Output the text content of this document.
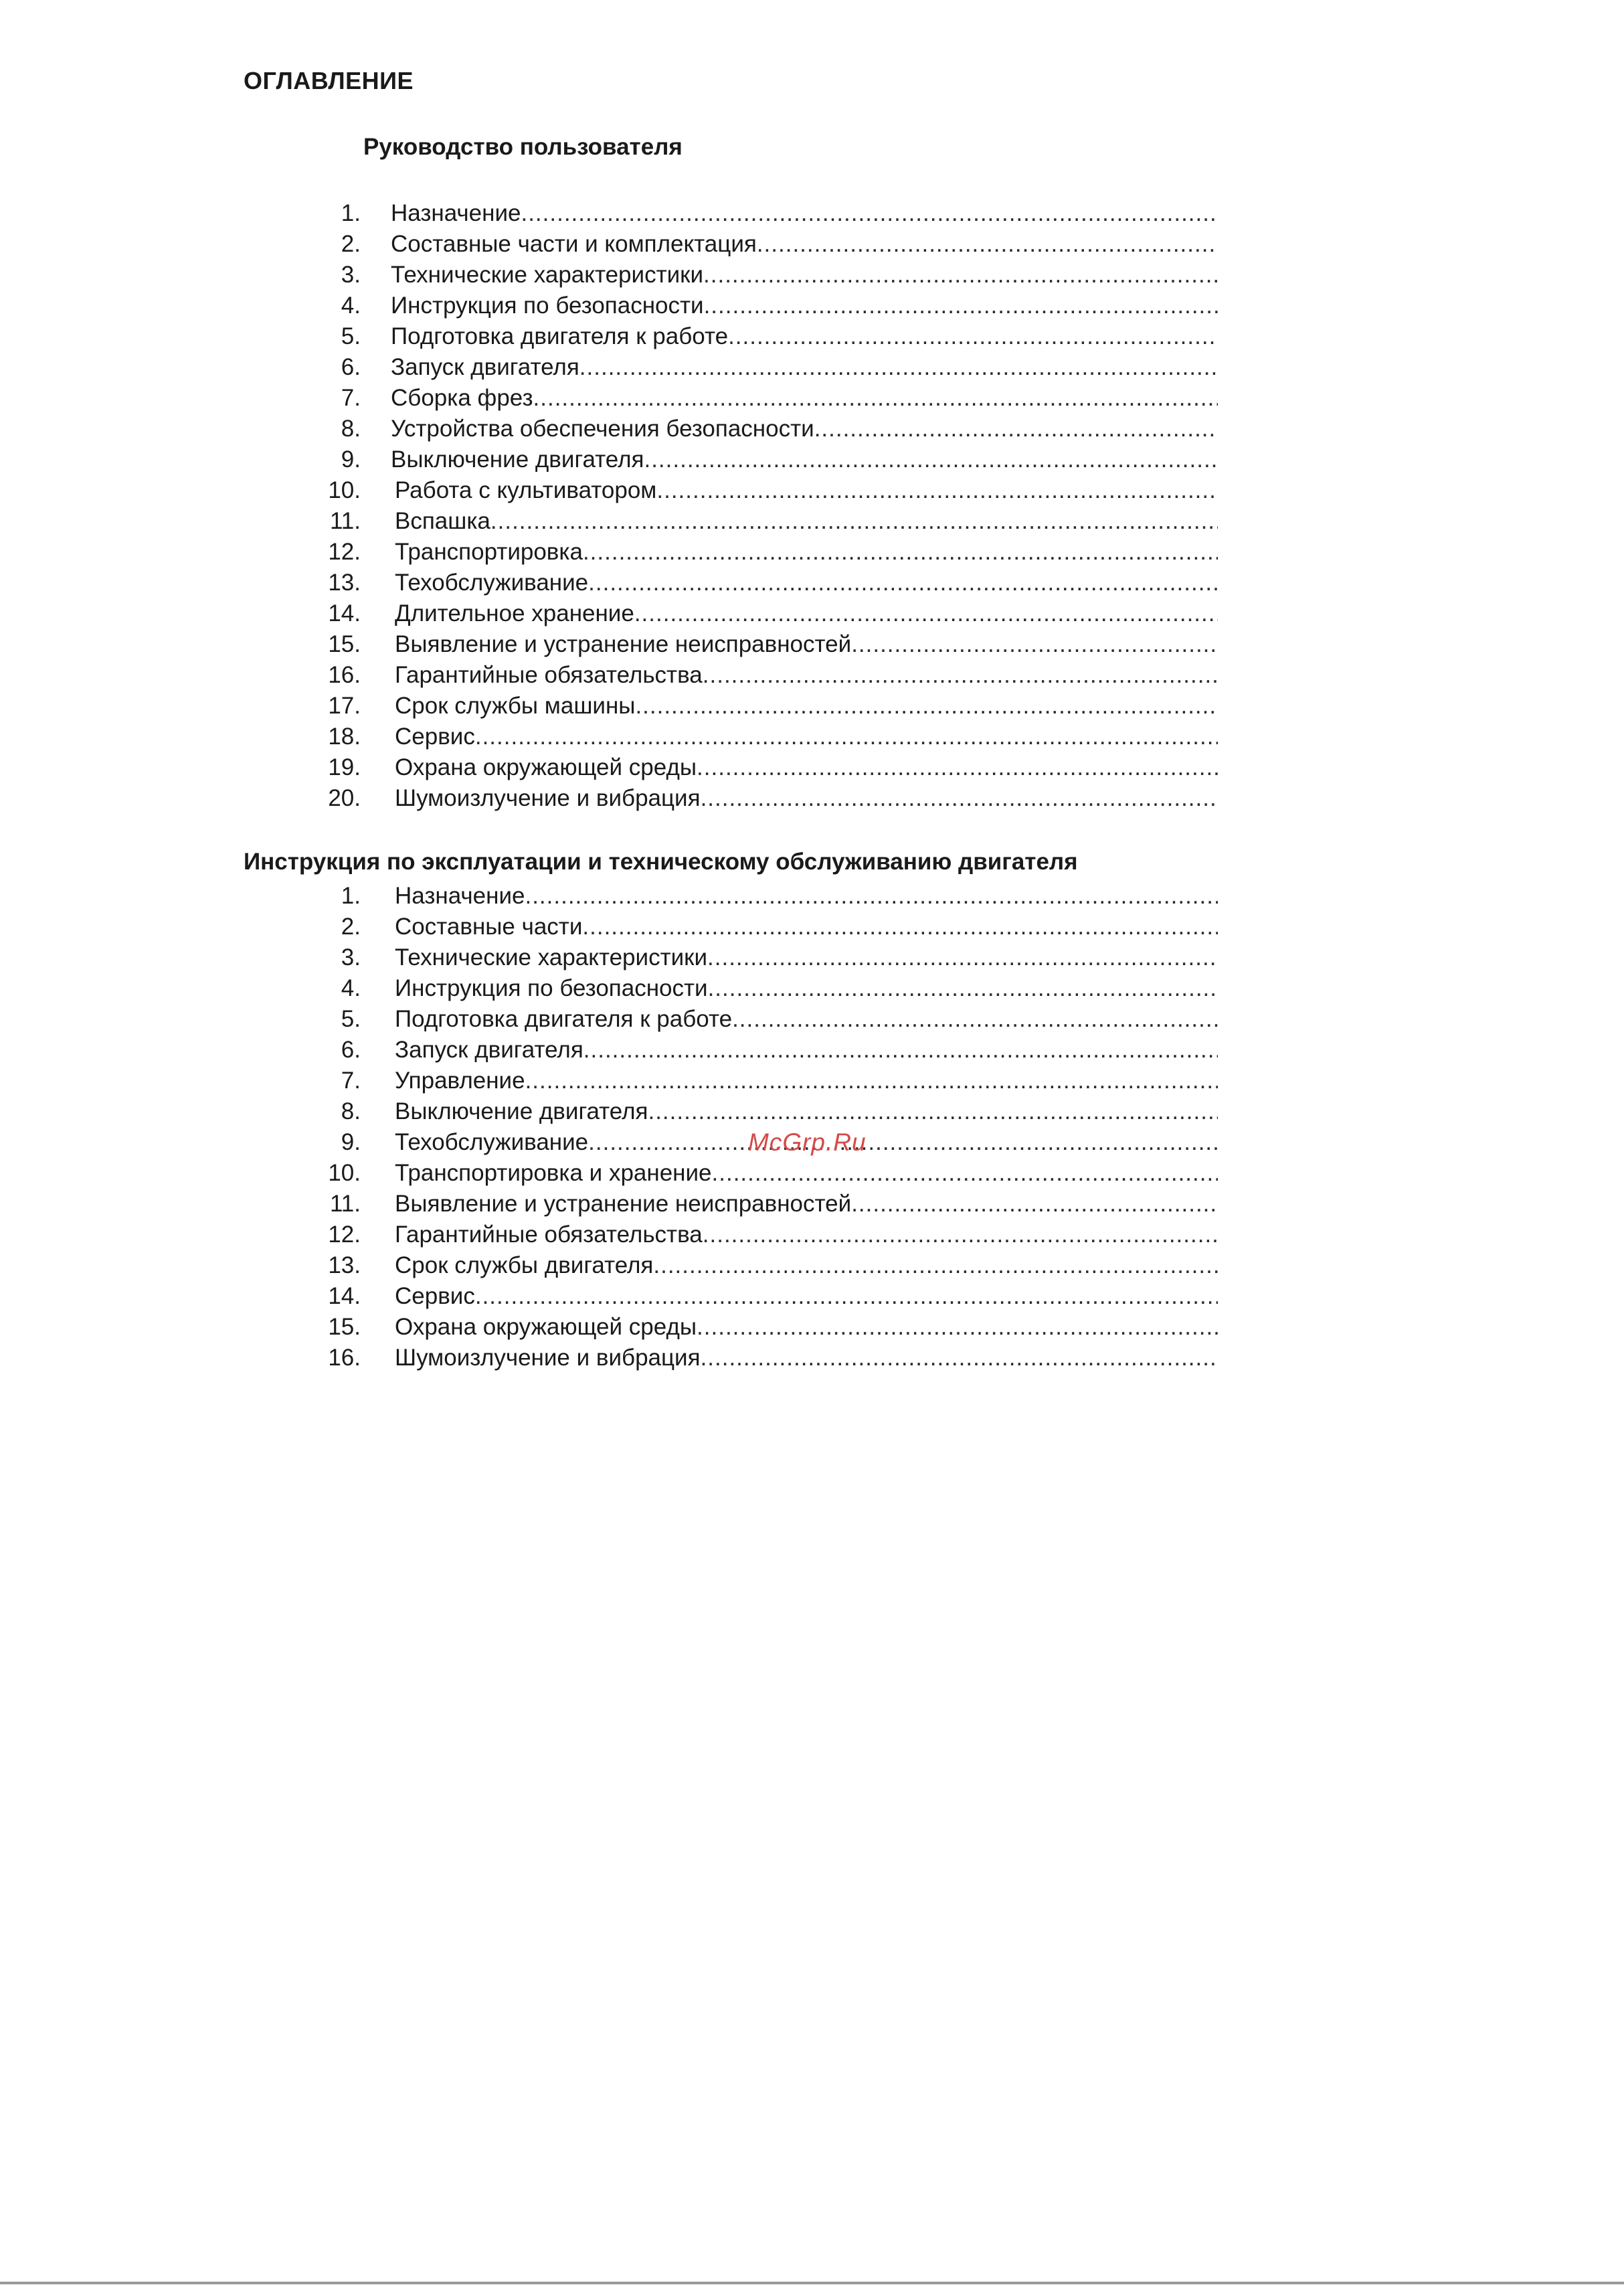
ОГЛАВЛЕНИЕ
Руководство пользователя
1. Назначение
.....
2. Составные части и комплектация
.....
3. Технические характеристики
.....
4. Инструкция по безопасности
.....
5. Подготовка двигателя к работе
.....
6. Запуск двигателя
.....
7. Сборка фрез
.....
8. Устройства обеспечения безопасности
.....
9. Выключение двигателя
.....
10. Работа с культиватором
.....
11. Вспашка
.....
12. Транспортировка
.....
13. Техобслуживание
.....
14. Длительное хранение
.....
15. Выявление и устранение неисправностей
.....
16. Гарантийные обязательства
.....
17. Срок службы машины
.....
18. Сервис
.....
19. Охрана окружающей среды
.....
20. Шумоизлучение и вибрация
.....
Инструкция по эксплуатации и техническому обслуживанию двигателя
1. Назначение
.....
2. Составные части
.....
3. Технические характеристики
.....
4. Инструкция по безопасности
.....
5. Подготовка двигателя к работе
.....
6. Запуск двигателя
.....
7. Управление
.....
8. Выключение двигателя
.....
9. Техобслуживание
.....
10. Транспортировка и хранение
.....
11. Выявление и устранение неисправностей
.....
12. Гарантийные обязательства
.....
13. Срок службы двигателя
.....
14. Сервис
.....
15. Охрана окружающей среды
.....
16. Шумоизлучение и вибрация
.....
McGrp.Ru
